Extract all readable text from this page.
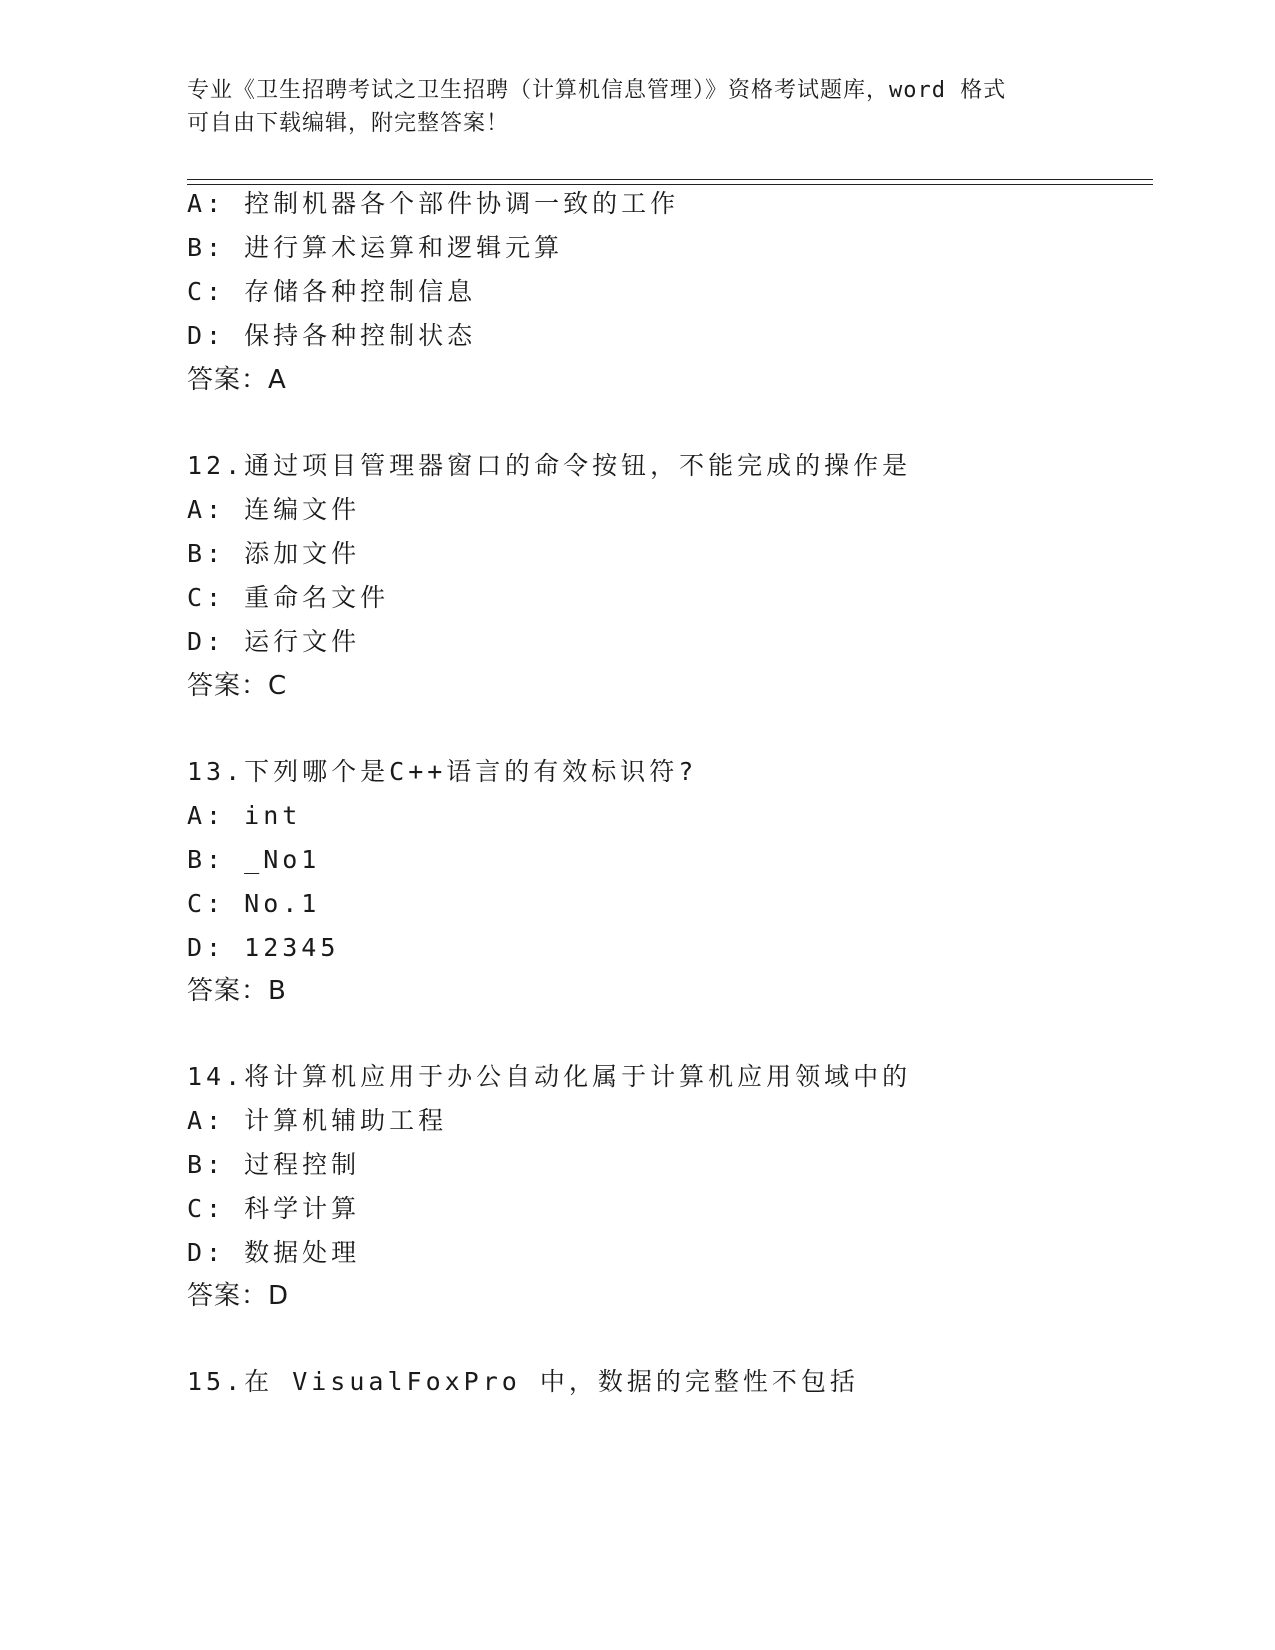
专业《卫生招聘考试之卫生招聘（计算机信息管理）》资格考试题库，word 格式
可自由下载编辑，附完整答案！
A: 控制机器各个部件协调一致的工作
B: 进行算术运算和逻辑元算
C: 存储各种控制信息
D: 保持各种控制状态
答案：A
12.通过项目管理器窗口的命令按钮，不能完成的操作是
A: 连编文件
B: 添加文件
C: 重命名文件
D: 运行文件
答案：C
13.下列哪个是C++语言的有效标识符?
A: int
B: _No1
C: No.1
D: 12345
答案：B
14.将计算机应用于办公自动化属于计算机应用领域中的
A: 计算机辅助工程
B: 过程控制
C: 科学计算
D: 数据处理
答案：D
15.在 VisualFoxPro 中，数据的完整性不包括
